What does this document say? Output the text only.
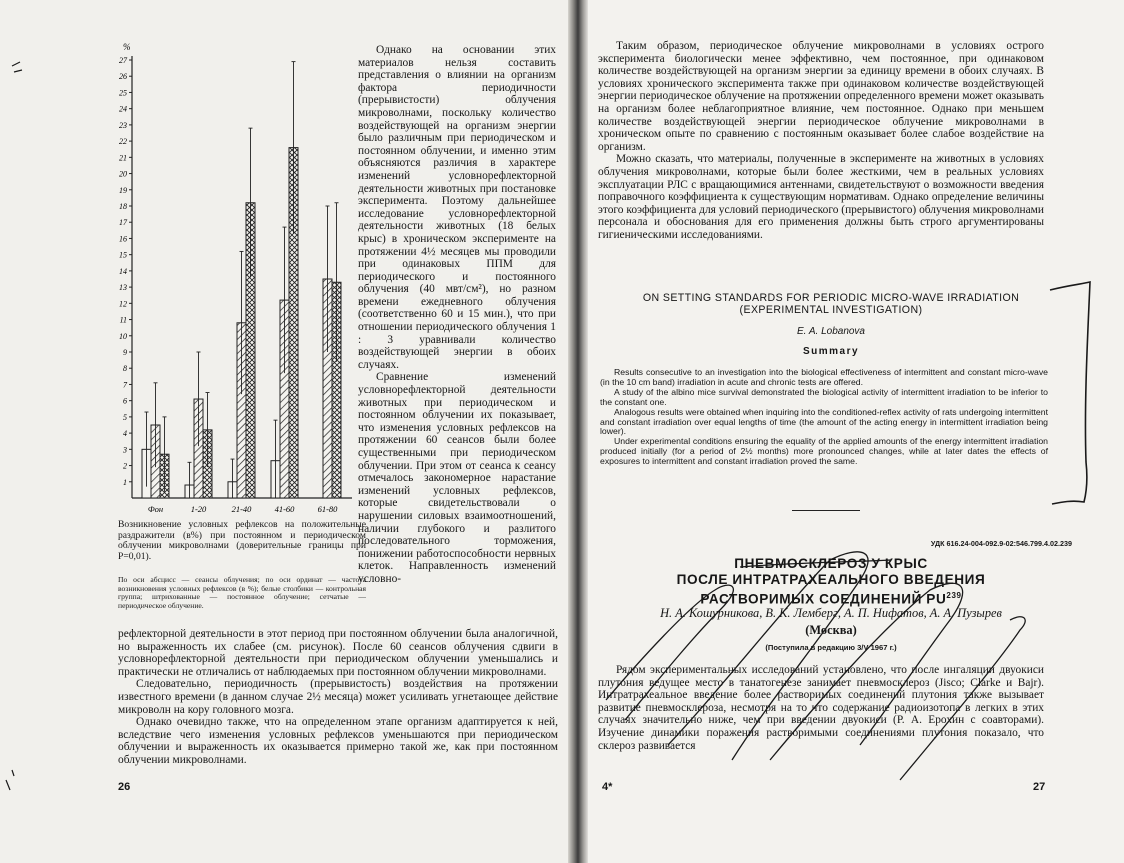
%
1
2
3
4
5
6
7
8
9
10
11
12
13
14
15
16
17
18
19
20
21
22
23
24
25
26
27
Фон	1-20	21-40	41-60	61-80

Однако на основании этих материалов нельзя составить представления о влиянии на организм фактора периодичности (прерывистости) облучения микроволнами, поскольку количество воздействующей на организм энергии было различным при периодическом и постоянном облучении, и именно этим объясняются различия в характере изменений условнорефлекторной деятельности животных при постановке эксперимента. Поэтому дальнейшее исследование условнорефлекторной деятельности животных (18 белых крыс) в хроническом эксперименте на протяжении 4½ месяцев мы проводили при одинаковых ППМ для периодического и постоянного облучения (40 мвт/см²), но разном времени ежедневного облучения (соответственно 60 и 15 мин.), что при отношении периодического облучения 1 : 3 уравнивали количество воздействующей энергии в обоих случаях.

Сравнение изменений условнорефлекторной деятельности животных при периодическом и постоянном облучении их показывает, что изменения условных рефлексов на протяжении 60 сеансов были более существенными при периодическом облучении. При этом от сеанса к сеансу отмечалось закономерное нарастание изменений условных рефлексов, которые свидетельствовали о нарушении силовых взаимоотношений, наличии глубокого и разлитого последовательного торможения, понижении работоспособности нервных клеток. Направленность изменений условно-

Возникновение условных рефлексов на положительные раздражители (в%) при постоянном и периодическом облучении микроволнами (доверительные границы при P=0,01).
По оси абсцисс — сеансы облучения; по оси ординат — частота возникновения условных рефлексов (в %); белые столбики — контрольная группа; штрихованные — постоянное облучение; сетчатые — периодическое облучение.

рефлекторной деятельности в этот период при постоянном облучении была аналогичной, но выраженность их слабее (см. рисунок). После 60 сеансов облучения сдвиги в условнорефлекторной деятельности при периодическом облучении уменьшались и практически не отличались от наблюдаемых при постоянном облучении микроволнами.

Следовательно, периодичность (прерывистость) воздействия на протяжении известного времени (в данном случае 2½ месяца) может усиливать угнетающее действие микроволн на кору головного мозга.

Однако очевидно также, что на определенном этапе организм адаптируется к ней, вследствие чего изменения условных рефлексов уменьшаются при периодическом облучении и выраженность их оказывается примерно такой же, как при постоянном облучении микроволнами.

26

Таким образом, периодическое облучение микроволнами в условиях острого эксперимента биологически менее эффективно, чем постоянное, при одинаковом количестве воздействующей на организм энергии за единицу времени в обоих случаях. В условиях хронического эксперимента также при одинаковом количестве воздействующей энергии периодическое облучение на протяжении определенного времени может оказывать на организм более неблагоприятное влияние, чем постоянное. Однако при меньшем количестве воздействующей энергии периодическое облучение микроволнами в хроническом опыте по сравнению с постоянным оказывает более слабое воздействие на организм.

Можно сказать, что материалы, полученные в эксперименте на животных в условиях облучения микроволнами, которые были более жесткими, чем в реальных условиях эксплуатации РЛС с вращающимися антеннами, свидетельствуют о возможности введения поправочного коэффициента к существующим нормативам. Однако определение величины этого коэффициента для условий периодического (прерывистого) облучения микроволнами персонала и обоснования для его применения должны быть строго аргументированы гигиеническими исследованиями.

ON SETTING STANDARDS FOR PERIODIC MICRO-WAVE IRRADIATION
(EXPERIMENTAL INVESTIGATION)
E. A. Lobanova
Summary

Results consecutive to an investigation into the biological effectiveness of intermittent and constant micro-wave (in the 10 cm band) irradiation in acute and chronic tests are offered.

A study of the albino mice survival demonstrated the biological activity of intermittent irradiation to be inferior to the constant one.

Analogous results were obtained when inquiring into the conditioned-reflex activity of rats undergoing intermittent and constant irradiation over equal lengths of time (the amount of the acting energy in intermittent irradiation being lower).

Under experimental conditions ensuring the equality of the applied amounts of the energy intermittent irradiation produced initially (for a period of 2½ months) more pronounced changes, while at later dates the effects of exposures to intermittent and constant irradiation proved the same.

УДК 616.24-004-092.9-02:546.799.4.02.239
ПНЕВМОСКЛЕРОЗ У КРЫС
ПОСЛЕ ИНТРАТРАХЕАЛЬНОГО ВВЕДЕНИЯ
РАСТВОРИМЫХ СОЕДИНЕНИЙ PU$^{239}$
Н. А. Кошурникова, В. К. Лемберг, А. П. Нифатов, А. А. Пузырев
(Москва)
(Поступила в редакцию 3/V 1967 г.)

Рядом экспериментальных исследований установлено, что после ингаляции двуокиси плутония ведущее место в танатогенезе занимает пневмосклероз (Jisco; Clarke и Bajr). Интратрахеальное введение более растворимых соединений плутония также вызывает развитие пневмосклероза, несмотря на то что содержание радиоизотопа в легких в этих случаях значительно ниже, чем при введении двуокиси (Р. А. Ерохин с соавторами). Изучение динамики поражения растворимыми соединениями плутония показало, что склероз развивается

4*	27
